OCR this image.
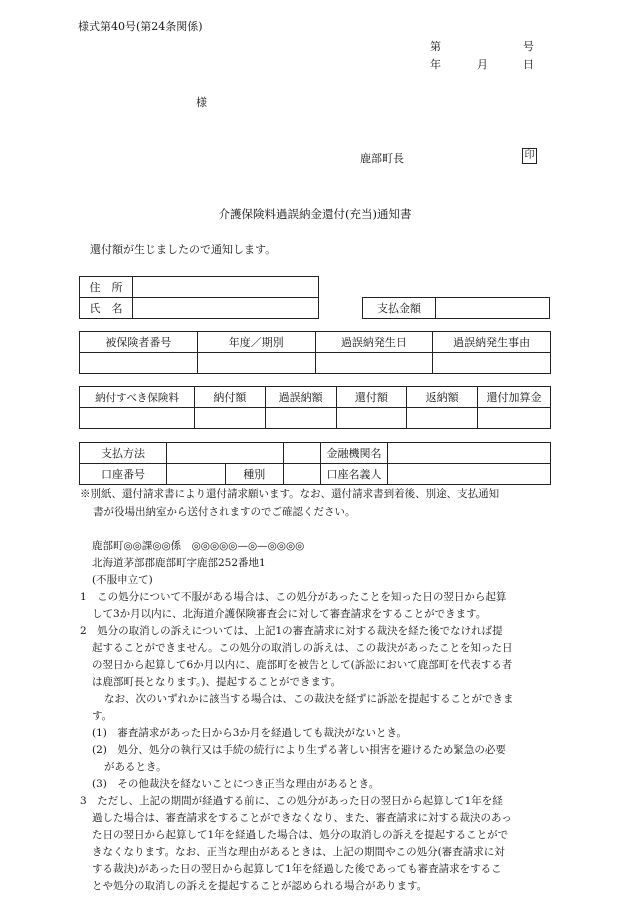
様式第40号(第24条関係)
第	号
年	月	日
様
鹿部町長	印
介護保険料過誤納金還付(充当)通知書
還付額が生じましたので通知します。
住　所	
氏　名		支払金額	
被保険者番号	年度／期別	過誤納発生日	過誤納発生事由

納付すべき保険料	納付額	過誤納額	還付額	返納額	還付加算金

支払方法				金融機関名	
口座番号		種別		口座名義人	
※別紙、還付請求書により還付請求願います。なお、還付請求書到着後、別途、支払通知
書が役場出納室から送付されますのでご確認ください。
鹿部町◎◎課◎◎係　◎◎◎◎◎—◎—◎◎◎◎
北海道茅部郡鹿部町字鹿部252番地1
(不服申立て)
1　この処分について不服がある場合は、この処分があったことを知った日の翌日から起算
して3か月以内に、北海道介護保険審査会に対して審査請求をすることができます。
2　処分の取消しの訴えについては、上記1の審査請求に対する裁決を経た後でなければ提
起することができません。この処分の取消しの訴えは、この裁決があったことを知った日
の翌日から起算して6か月以内に、鹿部町を被告として(訴訟において鹿部町を代表する者
は鹿部町長となります。)、提起することができます。
なお、次のいずれかに該当する場合は、この裁決を経ずに訴訟を提起することができま
す。
(1)　審査請求があった日から3か月を経過しても裁決がないとき。
(2)　処分、処分の執行又は手続の続行により生ずる著しい損害を避けるため緊急の必要
があるとき。
(3)　その他裁決を経ないことにつき正当な理由があるとき。
3　ただし、上記の期間が経過する前に、この処分があった日の翌日から起算して1年を経
過した場合は、審査請求をすることができなくなり、また、審査請求に対する裁決のあっ
た日の翌日から起算して1年を経過した場合は、処分の取消しの訴えを提起することがで
きなくなります。なお、正当な理由があるときは、上記の期間やこの処分(審査請求に対
する裁決)があった日の翌日から起算して1年を経過した後であっても審査請求をするこ
とや処分の取消しの訴えを提起することが認められる場合があります。
